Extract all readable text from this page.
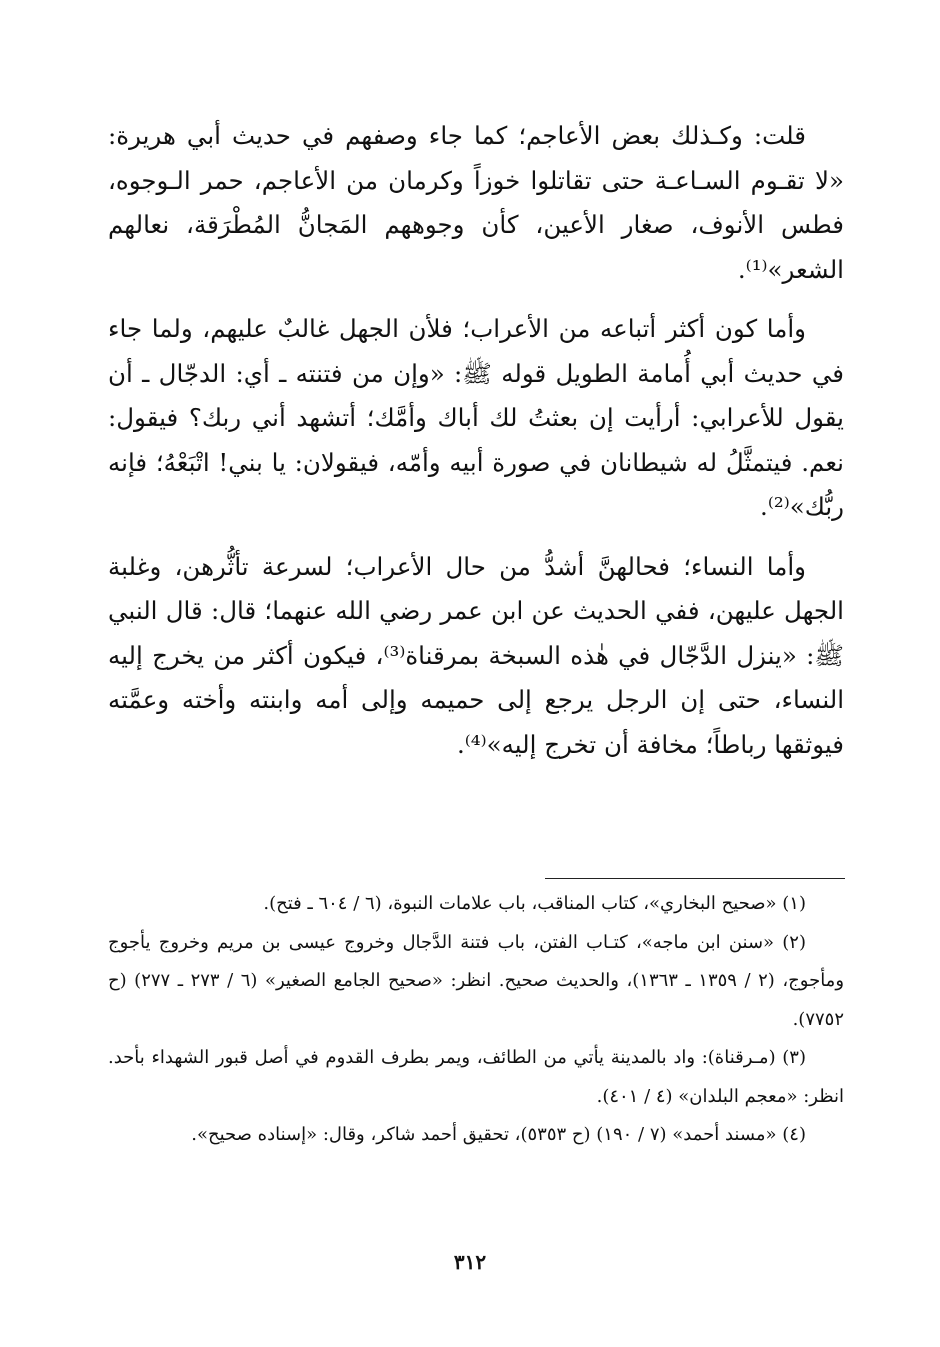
قلت: وكـذلك بعض الأعاجم؛ كما جاء وصفهم في حديث أبي هريرة: «لا تقـوم السـاعـة حتى تقاتلوا خوزاً وكرمان من الأعاجم، حمر الـوجوه، فطس الأنوف، صغار الأعين، كأن وجوههم المَجانُّ المُطْرَقة، نعالهم الشعر»⁽¹⁾.

وأما كون أكثر أتباعه من الأعراب؛ فلأن الجهل غالبٌ عليهم، ولما جاء في حديث أبي أُمامة الطويل قوله ﷺ: «وإن من فتنته ـ أي: الدجّال ـ أن يقول للأعرابي: أرأيت إن بعثتُ لك أباك وأمَّك؛ أتشهد أني ربك؟ فيقول: نعم. فيتمثَّلُ له شيطانان في صورة أبيه وأمّه، فيقولان: يا بني! اتْبَعْهُ؛ فإنه ربُّك»⁽²⁾.

وأما النساء؛ فحالهنَّ أشدُّ من حال الأعراب؛ لسرعة تأثُّرهن، وغلبة الجهل عليهن، ففي الحديث عن ابن عمر رضي الله عنهما؛ قال: قال النبي ﷺ: «ينزل الدَّجّال في هٰذه السبخة بمرقناة⁽³⁾، فيكون أكثر من يخرج إليه النساء، حتى إن الرجل يرجع إلى حميمه وإلى أمه وابنته وأخته وعمَّته فيوثقها رباطاً؛ مخافة أن تخرج إليه»⁽⁴⁾.

(١) «صحيح البخاري»، كتاب المناقب، باب علامات النبوة، (٦ / ٦٠٤ ـ فتح).

(٢) «سنن ابن ماجه»، كتـاب الفتن، باب فتنة الدَّجال وخروج عيسى بن مريم وخروج يأجوج ومأجوج، (٢ / ١٣٥٩ ـ ١٣٦٣)، والحديث صحيح. انظر: «صحيح الجامع الصغير» (٦ / ٢٧٣ ـ ٢٧٧) (ح ٧٧٥٢).

(٣) (مـرقناة): واد بالمدينة يأتي من الطائف، ويمر بطرف القدوم في أصل قبور الشهداء بأحد. انظر: «معجم البلدان» (٤ / ٤٠١).

(٤) «مسند أحمد» (٧ / ١٩٠) (ح ٥٣٥٣)، تحقيق أحمد شاكر، وقال: «إسناده صحيح».

٣١٢
